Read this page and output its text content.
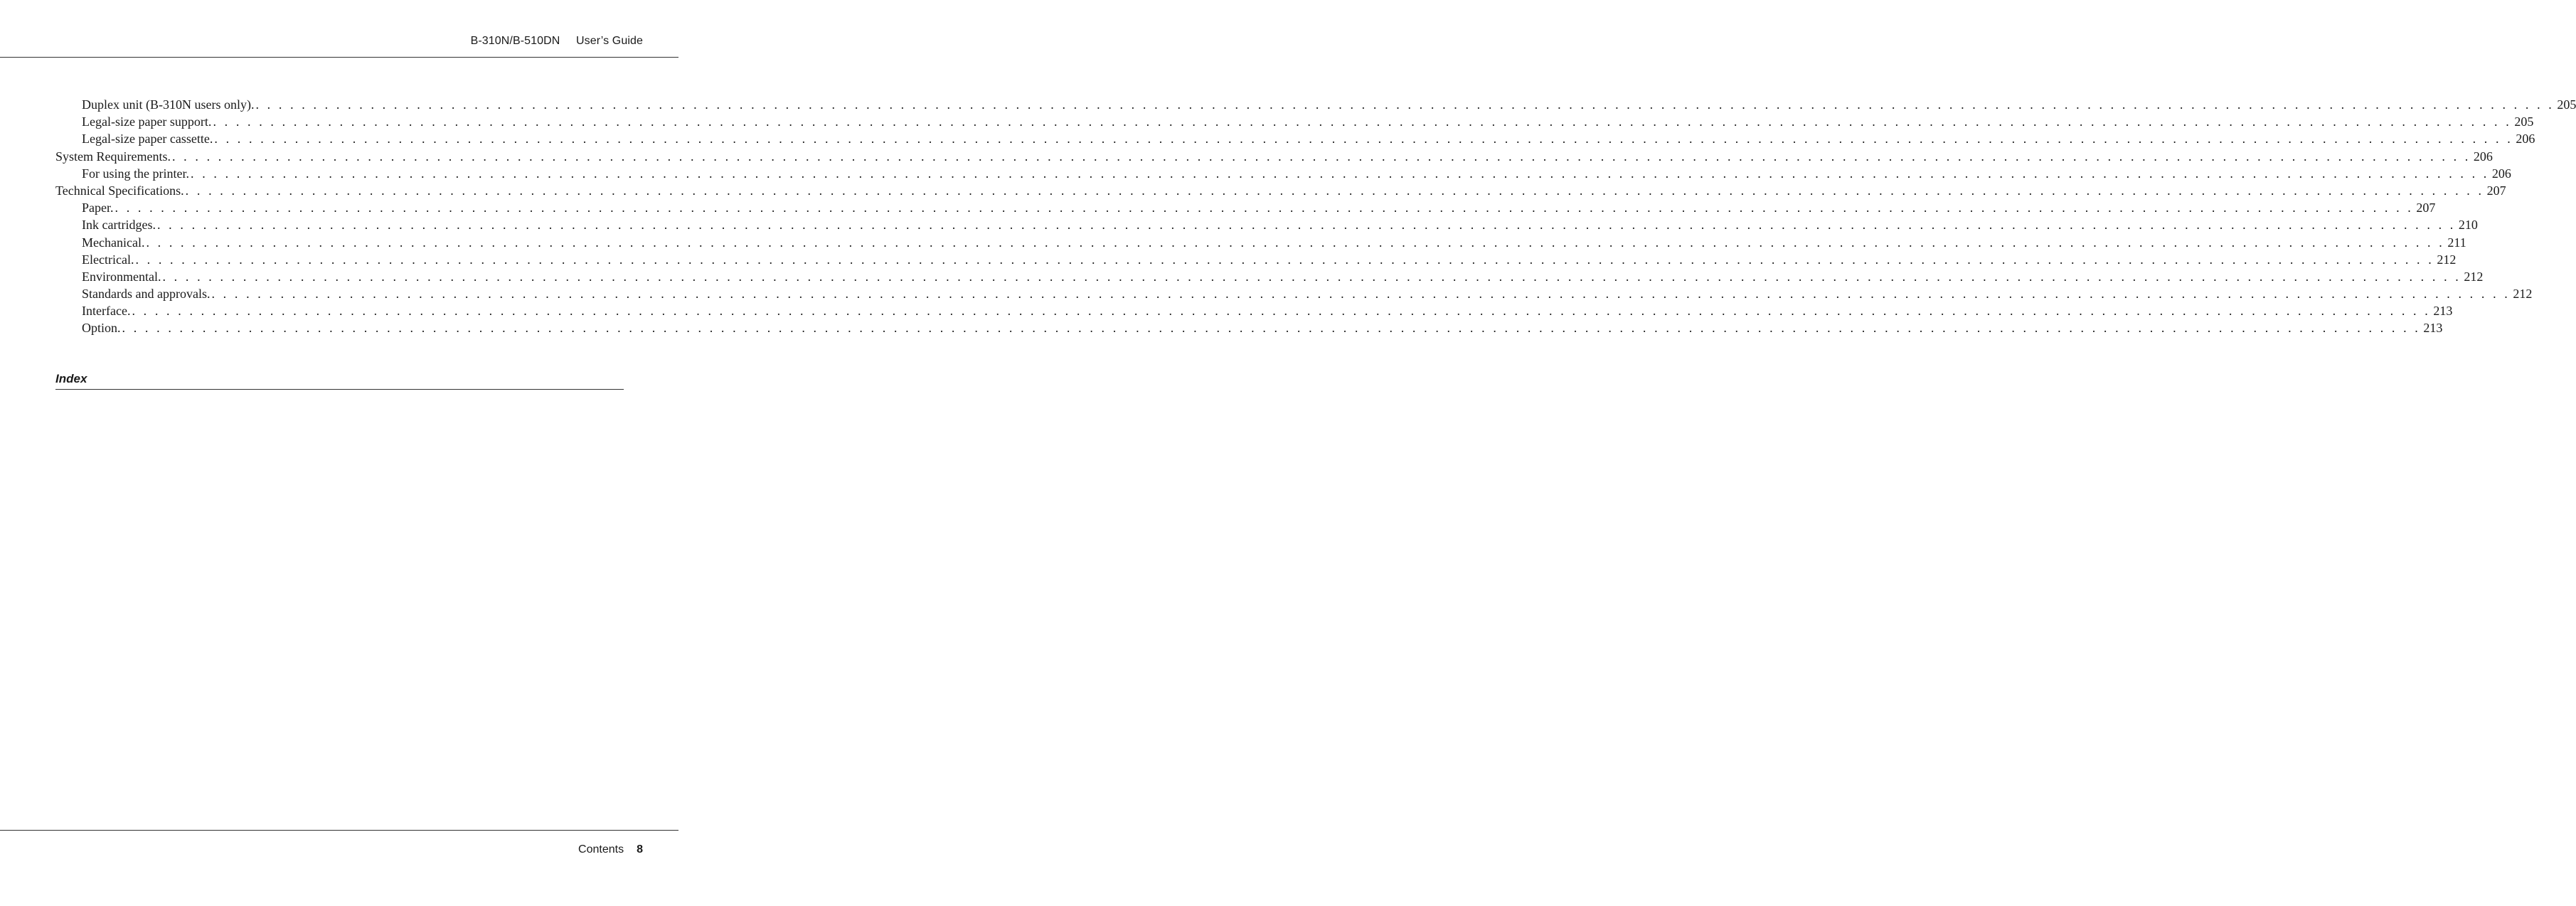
B-310N/B-510DN User’s Guide
Duplex unit (B-310N users only). . . . . . . . . . . . . . . . . . . . . . . . . . . . . . . . . . . . . . . . . . . . . . . . . . . . . . . . . . . . . . . . . . . . . . . . . . . . . . . . . . . . . . . . . . . . . . . . . . . . . . . . . . . . . . . . . . . . . . . . . . . . . . . . . . . . . . . . . . . . . . . . . . . . . . . . . . . . . . . . . . . . . . . . . . . . . . . . . . . . . . . . . . . . . . . . . . . . . . . . . 205
Legal-size paper support. . . . . . . . . . . . . . . . . . . . . . . . . . . . . . . . . . . . . . . . . . . . . . . . . . . . . . . . . . . . . . . . . . . . . . . . . . . . . . . . . . . . . . . . . . . . . . . . . . . . . . . . . . . . . . . . . . . . . . . . . . . . . . . . . . . . . . . . . . . . . . . . . . . . . . . . . . . . . . . . . . . . . . . . . . . . . . . . . . . . . . . . . . . . . . . . . . . . . . . . . 205
Legal-size paper cassette. . . . . . . . . . . . . . . . . . . . . . . . . . . . . . . . . . . . . . . . . . . . . . . . . . . . . . . . . . . . . . . . . . . . . . . . . . . . . . . . . . . . . . . . . . . . . . . . . . . . . . . . . . . . . . . . . . . . . . . . . . . . . . . . . . . . . . . . . . . . . . . . . . . . . . . . . . . . . . . . . . . . . . . . . . . . . . . . . . . . . . . . . . . . . . . . . . . . . . . . . 206
System Requirements. . . . . . . . . . . . . . . . . . . . . . . . . . . . . . . . . . . . . . . . . . . . . . . . . . . . . . . . . . . . . . . . . . . . . . . . . . . . . . . . . . . . . . . . . . . . . . . . . . . . . . . . . . . . . . . . . . . . . . . . . . . . . . . . . . . . . . . . . . . . . . . . . . . . . . . . . . . . . . . . . . . . . . . . . . . . . . . . . . . . . . . . . . . . . . . . . . . . . . . . . 206
For using the printer. . . . . . . . . . . . . . . . . . . . . . . . . . . . . . . . . . . . . . . . . . . . . . . . . . . . . . . . . . . . . . . . . . . . . . . . . . . . . . . . . . . . . . . . . . . . . . . . . . . . . . . . . . . . . . . . . . . . . . . . . . . . . . . . . . . . . . . . . . . . . . . . . . . . . . . . . . . . . . . . . . . . . . . . . . . . . . . . . . . . . . . . . . . . . . . . . . . . . . . . . 206
Technical Specifications. . . . . . . . . . . . . . . . . . . . . . . . . . . . . . . . . . . . . . . . . . . . . . . . . . . . . . . . . . . . . . . . . . . . . . . . . . . . . . . . . . . . . . . . . . . . . . . . . . . . . . . . . . . . . . . . . . . . . . . . . . . . . . . . . . . . . . . . . . . . . . . . . . . . . . . . . . . . . . . . . . . . . . . . . . . . . . . . . . . . . . . . . . . . . . . . . . . . . . . . . 207
Paper. . . . . . . . . . . . . . . . . . . . . . . . . . . . . . . . . . . . . . . . . . . . . . . . . . . . . . . . . . . . . . . . . . . . . . . . . . . . . . . . . . . . . . . . . . . . . . . . . . . . . . . . . . . . . . . . . . . . . . . . . . . . . . . . . . . . . . . . . . . . . . . . . . . . . . . . . . . . . . . . . . . . . . . . . . . . . . . . . . . . . . . . . . . . . . . . . . . . . . . . . 207
Ink cartridges. . . . . . . . . . . . . . . . . . . . . . . . . . . . . . . . . . . . . . . . . . . . . . . . . . . . . . . . . . . . . . . . . . . . . . . . . . . . . . . . . . . . . . . . . . . . . . . . . . . . . . . . . . . . . . . . . . . . . . . . . . . . . . . . . . . . . . . . . . . . . . . . . . . . . . . . . . . . . . . . . . . . . . . . . . . . . . . . . . . . . . . . . . . . . . . . . . . . . . . . . 210
Mechanical. . . . . . . . . . . . . . . . . . . . . . . . . . . . . . . . . . . . . . . . . . . . . . . . . . . . . . . . . . . . . . . . . . . . . . . . . . . . . . . . . . . . . . . . . . . . . . . . . . . . . . . . . . . . . . . . . . . . . . . . . . . . . . . . . . . . . . . . . . . . . . . . . . . . . . . . . . . . . . . . . . . . . . . . . . . . . . . . . . . . . . . . . . . . . . . . . . . . . . . . . 211
Electrical. . . . . . . . . . . . . . . . . . . . . . . . . . . . . . . . . . . . . . . . . . . . . . . . . . . . . . . . . . . . . . . . . . . . . . . . . . . . . . . . . . . . . . . . . . . . . . . . . . . . . . . . . . . . . . . . . . . . . . . . . . . . . . . . . . . . . . . . . . . . . . . . . . . . . . . . . . . . . . . . . . . . . . . . . . . . . . . . . . . . . . . . . . . . . . . . . . . . . . . . . 212
Environmental. . . . . . . . . . . . . . . . . . . . . . . . . . . . . . . . . . . . . . . . . . . . . . . . . . . . . . . . . . . . . . . . . . . . . . . . . . . . . . . . . . . . . . . . . . . . . . . . . . . . . . . . . . . . . . . . . . . . . . . . . . . . . . . . . . . . . . . . . . . . . . . . . . . . . . . . . . . . . . . . . . . . . . . . . . . . . . . . . . . . . . . . . . . . . . . . . . . . . . . . . 212
Standards and approvals. . . . . . . . . . . . . . . . . . . . . . . . . . . . . . . . . . . . . . . . . . . . . . . . . . . . . . . . . . . . . . . . . . . . . . . . . . . . . . . . . . . . . . . . . . . . . . . . . . . . . . . . . . . . . . . . . . . . . . . . . . . . . . . . . . . . . . . . . . . . . . . . . . . . . . . . . . . . . . . . . . . . . . . . . . . . . . . . . . . . . . . . . . . . . . . . . . . . . . . . . 212
Interface. . . . . . . . . . . . . . . . . . . . . . . . . . . . . . . . . . . . . . . . . . . . . . . . . . . . . . . . . . . . . . . . . . . . . . . . . . . . . . . . . . . . . . . . . . . . . . . . . . . . . . . . . . . . . . . . . . . . . . . . . . . . . . . . . . . . . . . . . . . . . . . . . . . . . . . . . . . . . . . . . . . . . . . . . . . . . . . . . . . . . . . . . . . . . . . . . . . . . . . . . 213
Option. . . . . . . . . . . . . . . . . . . . . . . . . . . . . . . . . . . . . . . . . . . . . . . . . . . . . . . . . . . . . . . . . . . . . . . . . . . . . . . . . . . . . . . . . . . . . . . . . . . . . . . . . . . . . . . . . . . . . . . . . . . . . . . . . . . . . . . . . . . . . . . . . . . . . . . . . . . . . . . . . . . . . . . . . . . . . . . . . . . . . . . . . . . . . . . . . . . . . . . . . 213
Index
Contents 8
